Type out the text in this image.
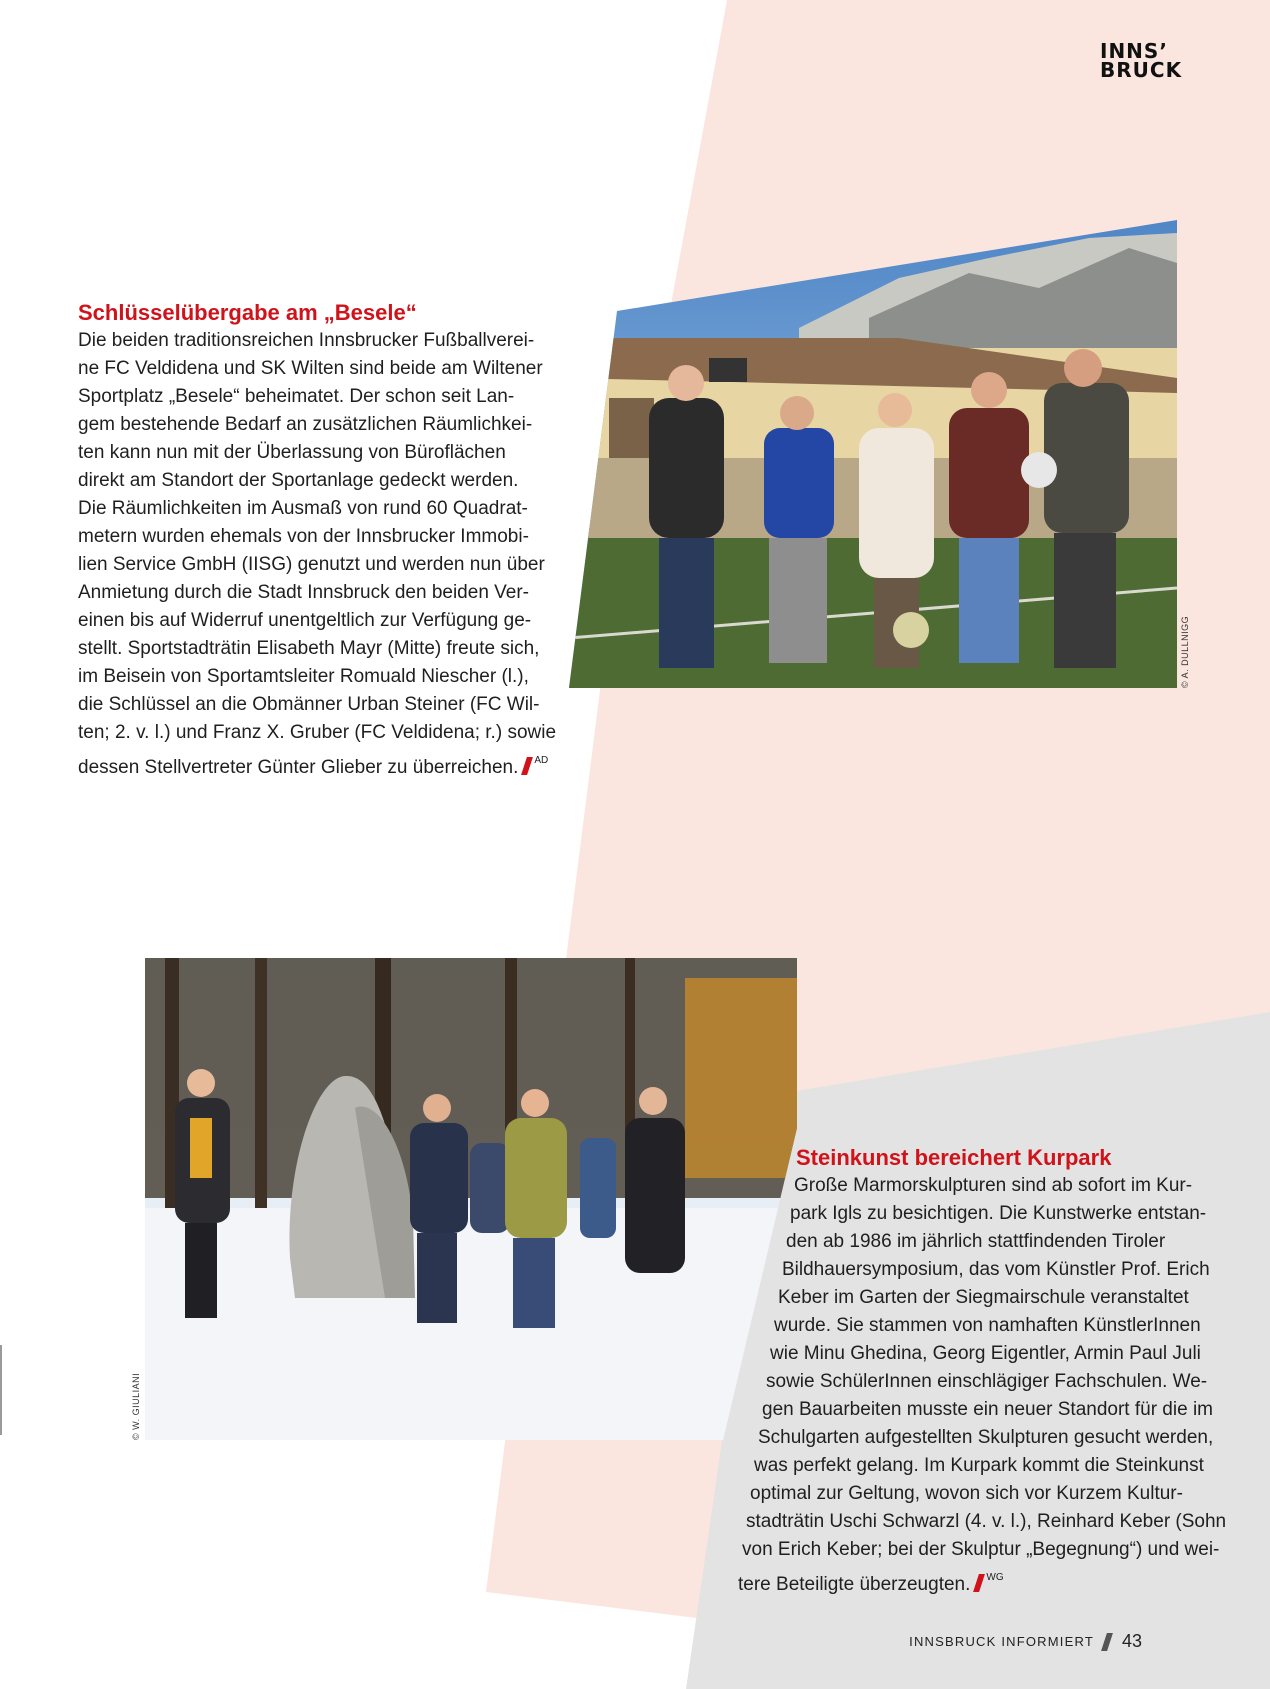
INNS’
BRUCK
Schlüsselübergabe am „Besele“
Die beiden traditionsreichen Innsbrucker Fußballverei-
ne FC Veldidena und SK Wilten sind beide am Wiltener
Sportplatz „Besele“ beheimatet. Der schon seit Lan-
gem bestehende Bedarf an zusätzlichen Räumlichkei-
ten kann nun mit der Überlassung von Büroflächen
direkt am Standort der Sportanlage gedeckt werden.
Die Räumlichkeiten im Ausmaß von rund 60 Quadrat-
metern wurden ehemals von der Innsbrucker Immobi-
lien Service GmbH (IISG) genutzt und werden nun über
Anmietung durch die Stadt Innsbruck den beiden Ver-
einen bis auf Widerruf unentgeltlich zur Verfügung ge-
stellt. Sportstadträtin Elisabeth Mayr (Mitte) freute sich,
im Beisein von Sportamtsleiter Romuald Niescher (l.),
die Schlüssel an die Obmänner Urban Steiner (FC Wil-
ten; 2. v. l.) und Franz X. Gruber (FC Veldidena; r.) sowie
dessen Stellvertreter Günter Glieber zu überreichen. $^{AD}$
© A. DULLNIGG
© W. GIULIANI
Steinkunst bereichert Kurpark
Große Marmorskulpturen sind ab sofort im Kur-
park Igls zu besichtigen. Die Kunstwerke entstan-
den ab 1986 im jährlich stattfindenden Tiroler
Bildhauersymposium, das vom Künstler Prof. Erich
Keber im Garten der Siegmairschule veranstaltet
wurde. Sie stammen von namhaften KünstlerInnen
wie Minu Ghedina, Georg Eigentler, Armin Paul Juli
sowie SchülerInnen einschlägiger Fachschulen. We-
gen Bauarbeiten musste ein neuer Standort für die im
Schulgarten aufgestellten Skulpturen gesucht werden,
was perfekt gelang. Im Kurpark kommt die Steinkunst
optimal zur Geltung, wovon sich vor Kurzem Kultur-
stadträtin Uschi Schwarzl (4. v. l.), Reinhard Keber (Sohn
von Erich Keber; bei der Skulptur „Begegnung“) und wei-
tere Beteiligte überzeugten. $^{WG}$
INNSBRUCK INFORMIERT 43
